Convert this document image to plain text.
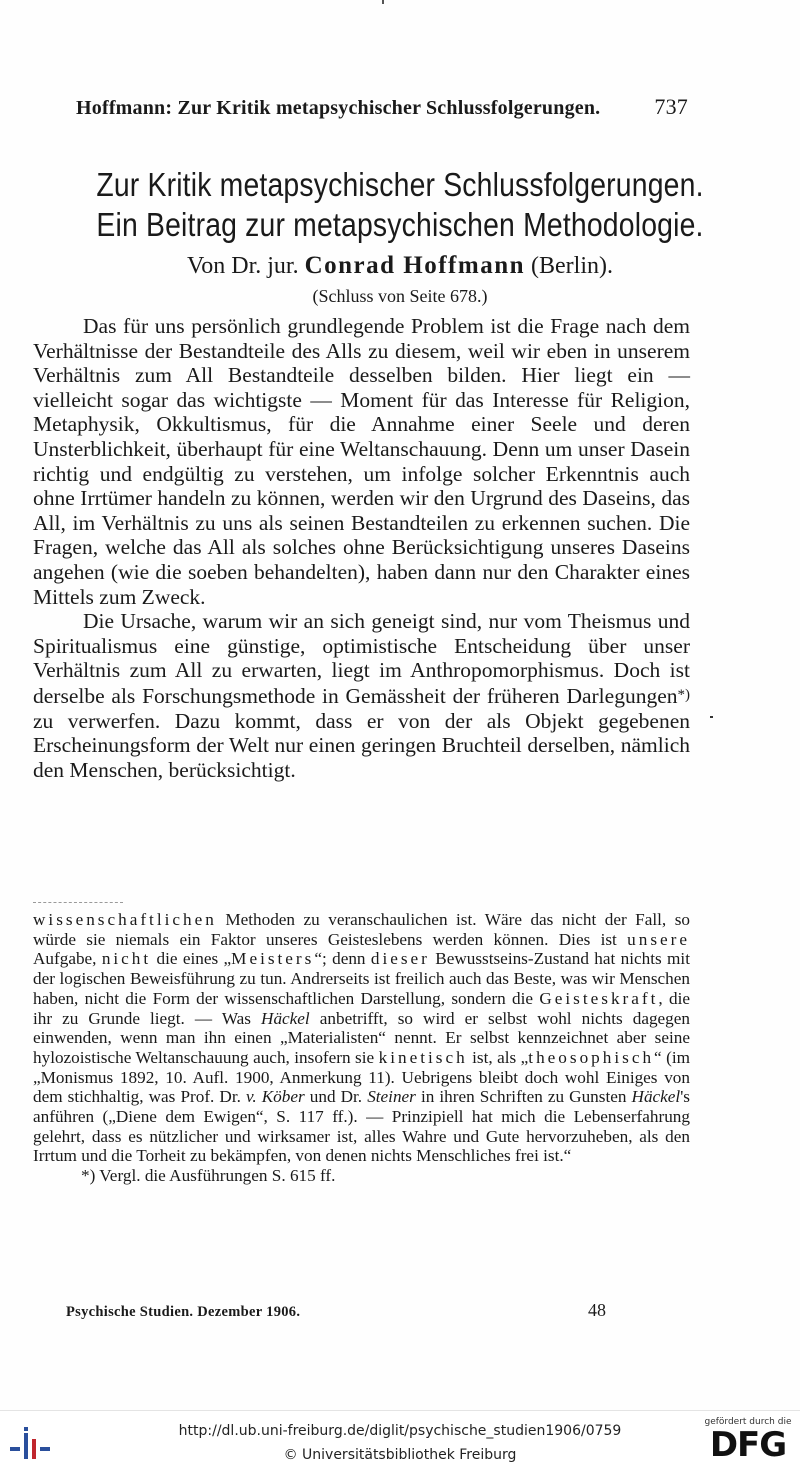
Hoffmann: Zur Kritik metapsychischer Schlussfolgerungen. 737
Zur Kritik metapsychischer Schlussfolgerungen.
Ein Beitrag zur metapsychischen Methodologie.
Von Dr. jur. Conrad Hoffmann (Berlin).
(Schluss von Seite 678.)

Das für uns persönlich grundlegende Problem ist die Frage nach dem Verhältnisse der Bestandteile des Alls zu diesem, weil wir eben in unserem Verhältnis zum All Bestandteile desselben bilden. Hier liegt ein — vielleicht sogar das wichtigste — Moment für das Interesse für Religion, Metaphysik, Okkultismus, für die Annahme einer Seele und deren Unsterblichkeit, überhaupt für eine Weltanschauung. Denn um unser Dasein richtig und endgültig zu verstehen, um infolge solcher Erkenntnis auch ohne Irrtümer handeln zu können, werden wir den Urgrund des Daseins, das All, im Verhältnis zu uns als seinen Bestandteilen zu erkennen suchen. Die Fragen, welche das All als solches ohne Berücksichtigung unseres Daseins angehen (wie die soeben behandelten), haben dann nur den Charakter eines Mittels zum Zweck.

Die Ursache, warum wir an sich geneigt sind, nur vom Theismus und Spiritualismus eine günstige, optimistische Entscheidung über unser Verhältnis zum All zu erwarten, liegt im Anthropomorphismus. Doch ist derselbe als Forschungsmethode in Gemässheit der früheren Darlegungen*) zu verwerfen. Dazu kommt, dass er von der als Objekt gegebenen Erscheinungsform der Welt nur einen geringen Bruchteil derselben, nämlich den Menschen, berücksichtigt.

wissenschaftlichen Methoden zu veranschaulichen ist. Wäre das nicht der Fall, so würde sie niemals ein Faktor unseres Geisteslebens werden können. Dies ist unsere Aufgabe, nicht die eines „Meisters“; denn dieser Bewusstseins-Zustand hat nichts mit der logischen Beweisführung zu tun. Andrerseits ist freilich auch das Beste, was wir Menschen haben, nicht die Form der wissenschaftlichen Darstellung, sondern die Geisteskraft, die ihr zu Grunde liegt. — Was Häckel anbetrifft, so wird er selbst wohl nichts dagegen einwenden, wenn man ihn einen „Materialisten“ nennt. Er selbst kennzeichnet aber seine hylozoistische Weltanschauung auch, insofern sie kinetisch ist, als „theosophisch“ (im „Monismus 1892, 10. Aufl. 1900, Anmerkung 11). Uebrigens bleibt doch wohl Einiges von dem stichhaltig, was Prof. Dr. v. Köber und Dr. Steiner in ihren Schriften zu Gunsten Häckel's anführen („Diene dem Ewigen“, S. 117 ff.). — Prinzipiell hat mich die Lebenserfahrung gelehrt, dass es nützlicher und wirksamer ist, alles Wahre und Gute hervorzuheben, als den Irrtum und die Torheit zu bekämpfen, von denen nichts Menschliches frei ist.“

*) Vergl. die Ausführungen S. 615 ff.

Psychische Studien. Dezember 1906.	48
http://dl.ub.uni-freiburg.de/diglit/psychische_studien1906/0759
© Universitätsbibliothek Freiburg
gefördert durch die
DFG
